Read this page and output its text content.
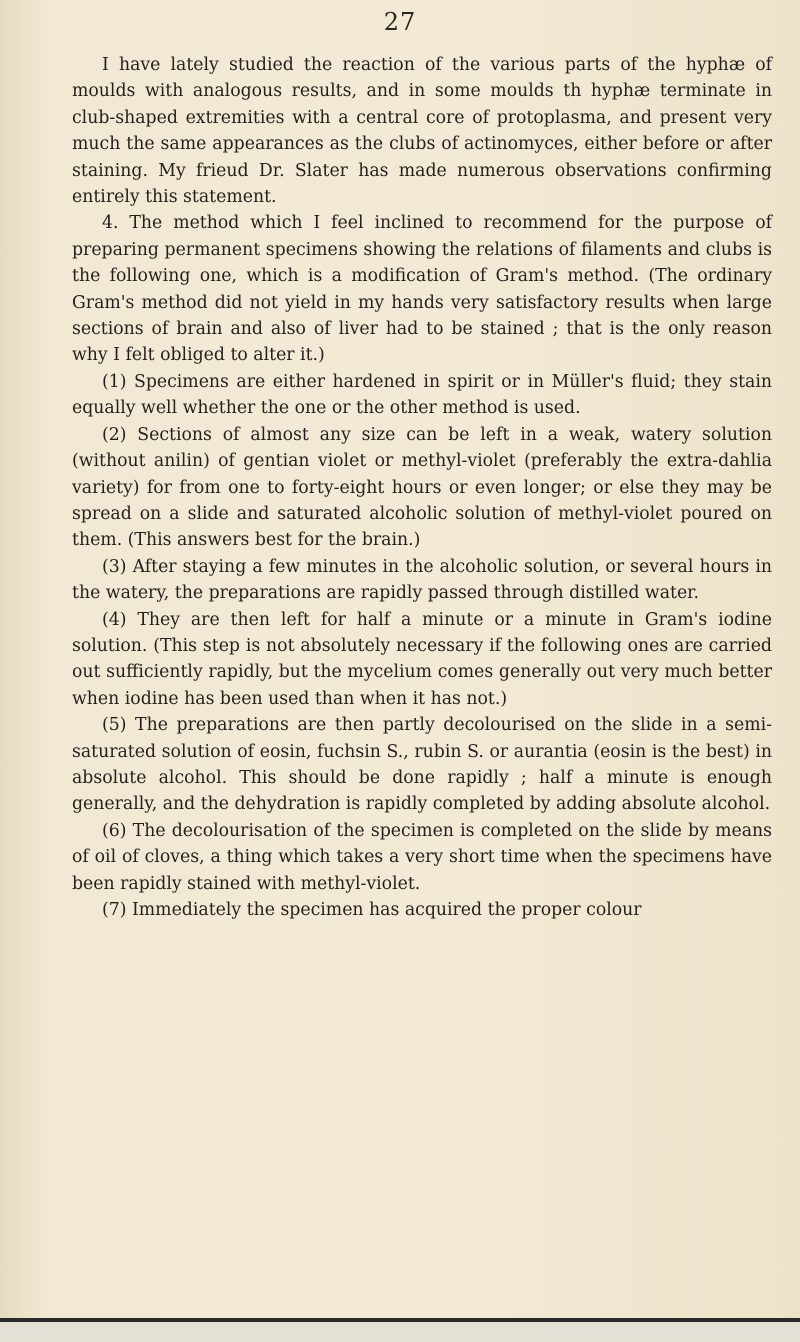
27

I have lately studied the reaction of the various parts of the hyphæ of moulds with analogous results, and in some moulds th hyphæ terminate in club-shaped extremities with a central core of protoplasma, and present very much the same appearances as the clubs of actinomyces, either before or after staining. My frieud Dr. Slater has made numerous observations confirming entirely this statement.

4. The method which I feel inclined to recommend for the purpose of preparing permanent specimens showing the relations of filaments and clubs is the following one, which is a modification of Gram's method. (The ordinary Gram's method did not yield in my hands very satisfactory results when large sections of brain and also of liver had to be stained ; that is the only reason why I felt obliged to alter it.)

(1) Specimens are either hardened in spirit or in Müller's fluid; they stain equally well whether the one or the other method is used.

(2) Sections of almost any size can be left in a weak, watery solution (without anilin) of gentian violet or methyl-violet (preferably the extra-dahlia variety) for from one to forty-eight hours or even longer; or else they may be spread on a slide and saturated alcoholic solution of methyl-violet poured on them. (This answers best for the brain.)

(3) After staying a few minutes in the alcoholic solution, or several hours in the watery, the preparations are rapidly passed through distilled water.

(4) They are then left for half a minute or a minute in Gram's iodine solution. (This step is not absolutely necessary if the following ones are carried out sufficiently rapidly, but the mycelium comes generally out very much better when iodine has been used than when it has not.)

(5) The preparations are then partly decolourised on the slide in a semi-saturated solution of eosin, fuchsin S., rubin S. or aurantia (eosin is the best) in absolute alcohol. This should be done rapidly ; half a minute is enough generally, and the dehydration is rapidly completed by adding absolute alcohol.

(6) The decolourisation of the specimen is completed on the slide by means of oil of cloves, a thing which takes a very short time when the specimens have been rapidly stained with methyl-violet.

(7) Immediately the specimen has acquired the proper colour
